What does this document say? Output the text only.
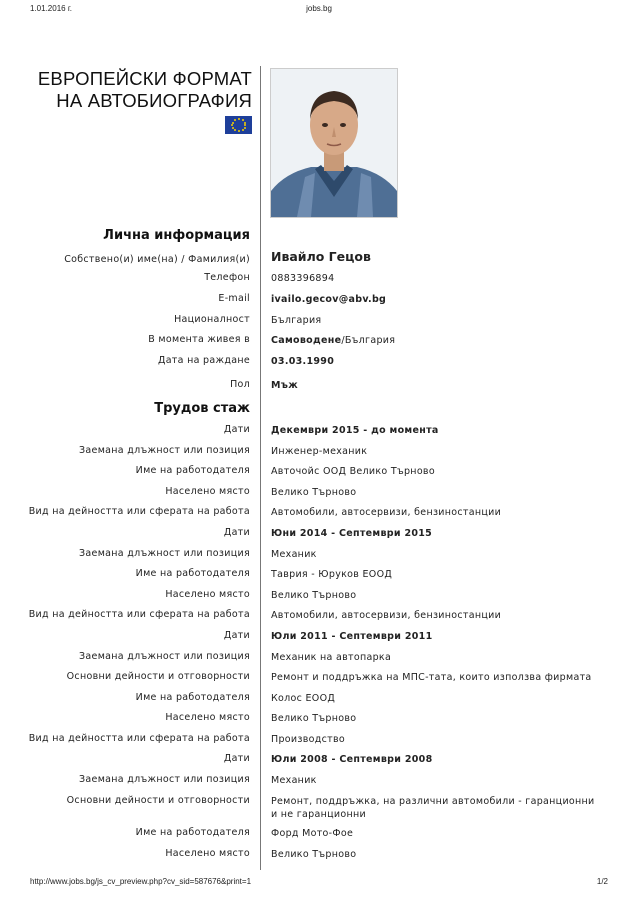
1.01.2016 г.	jobs.bg
ЕВРОПЕЙСКИ ФОРМАТ
НА АВТОБИОГРАФИЯ
Лична информация
Собствено(и) име(на) / Фамилия(и) Ивайло Гецов
Телефон 0883396894
E-mail ivailo.gecov@abv.bg
Националност България
В момента живея в Самоводене/България
Дата на раждане 03.03.1990
Пол Мъж
Трудов стаж
Дати Декември 2015 - до момента
Заемана длъжност или позиция Инженер-механик
Име на работодателя Авточойс ООД Велико Търново
Населено място Велико Търново
Вид на дейността или сферата на работа Автомобили, автосервизи, бензиностанции
Дати Юни 2014 - Септември 2015
Заемана длъжност или позиция Механик
Име на работодателя Таврия - Юруков ЕООД
Населено място Велико Търново
Вид на дейността или сферата на работа Автомобили, автосервизи, бензиностанции
Дати Юли 2011 - Септември 2011
Заемана длъжност или позиция Механик на автопарка
Основни дейности и отговорности Ремонт и поддръжка на МПС-тата, които използва фирмата
Име на работодателя Колос ЕООД
Населено място Велико Търново
Вид на дейността или сферата на работа Производство
Дати Юли 2008 - Септември 2008
Заемана длъжност или позиция Механик
Основни дейности и отговорности Ремонт, поддръжка, на различни автомобили - гаранционни и не гаранционни
Име на работодателя Форд Мото-Фое
Населено място Велико Търново
http://www.jobs.bg/js_cv_preview.php?cv_sid=587676&print=1	1/2
